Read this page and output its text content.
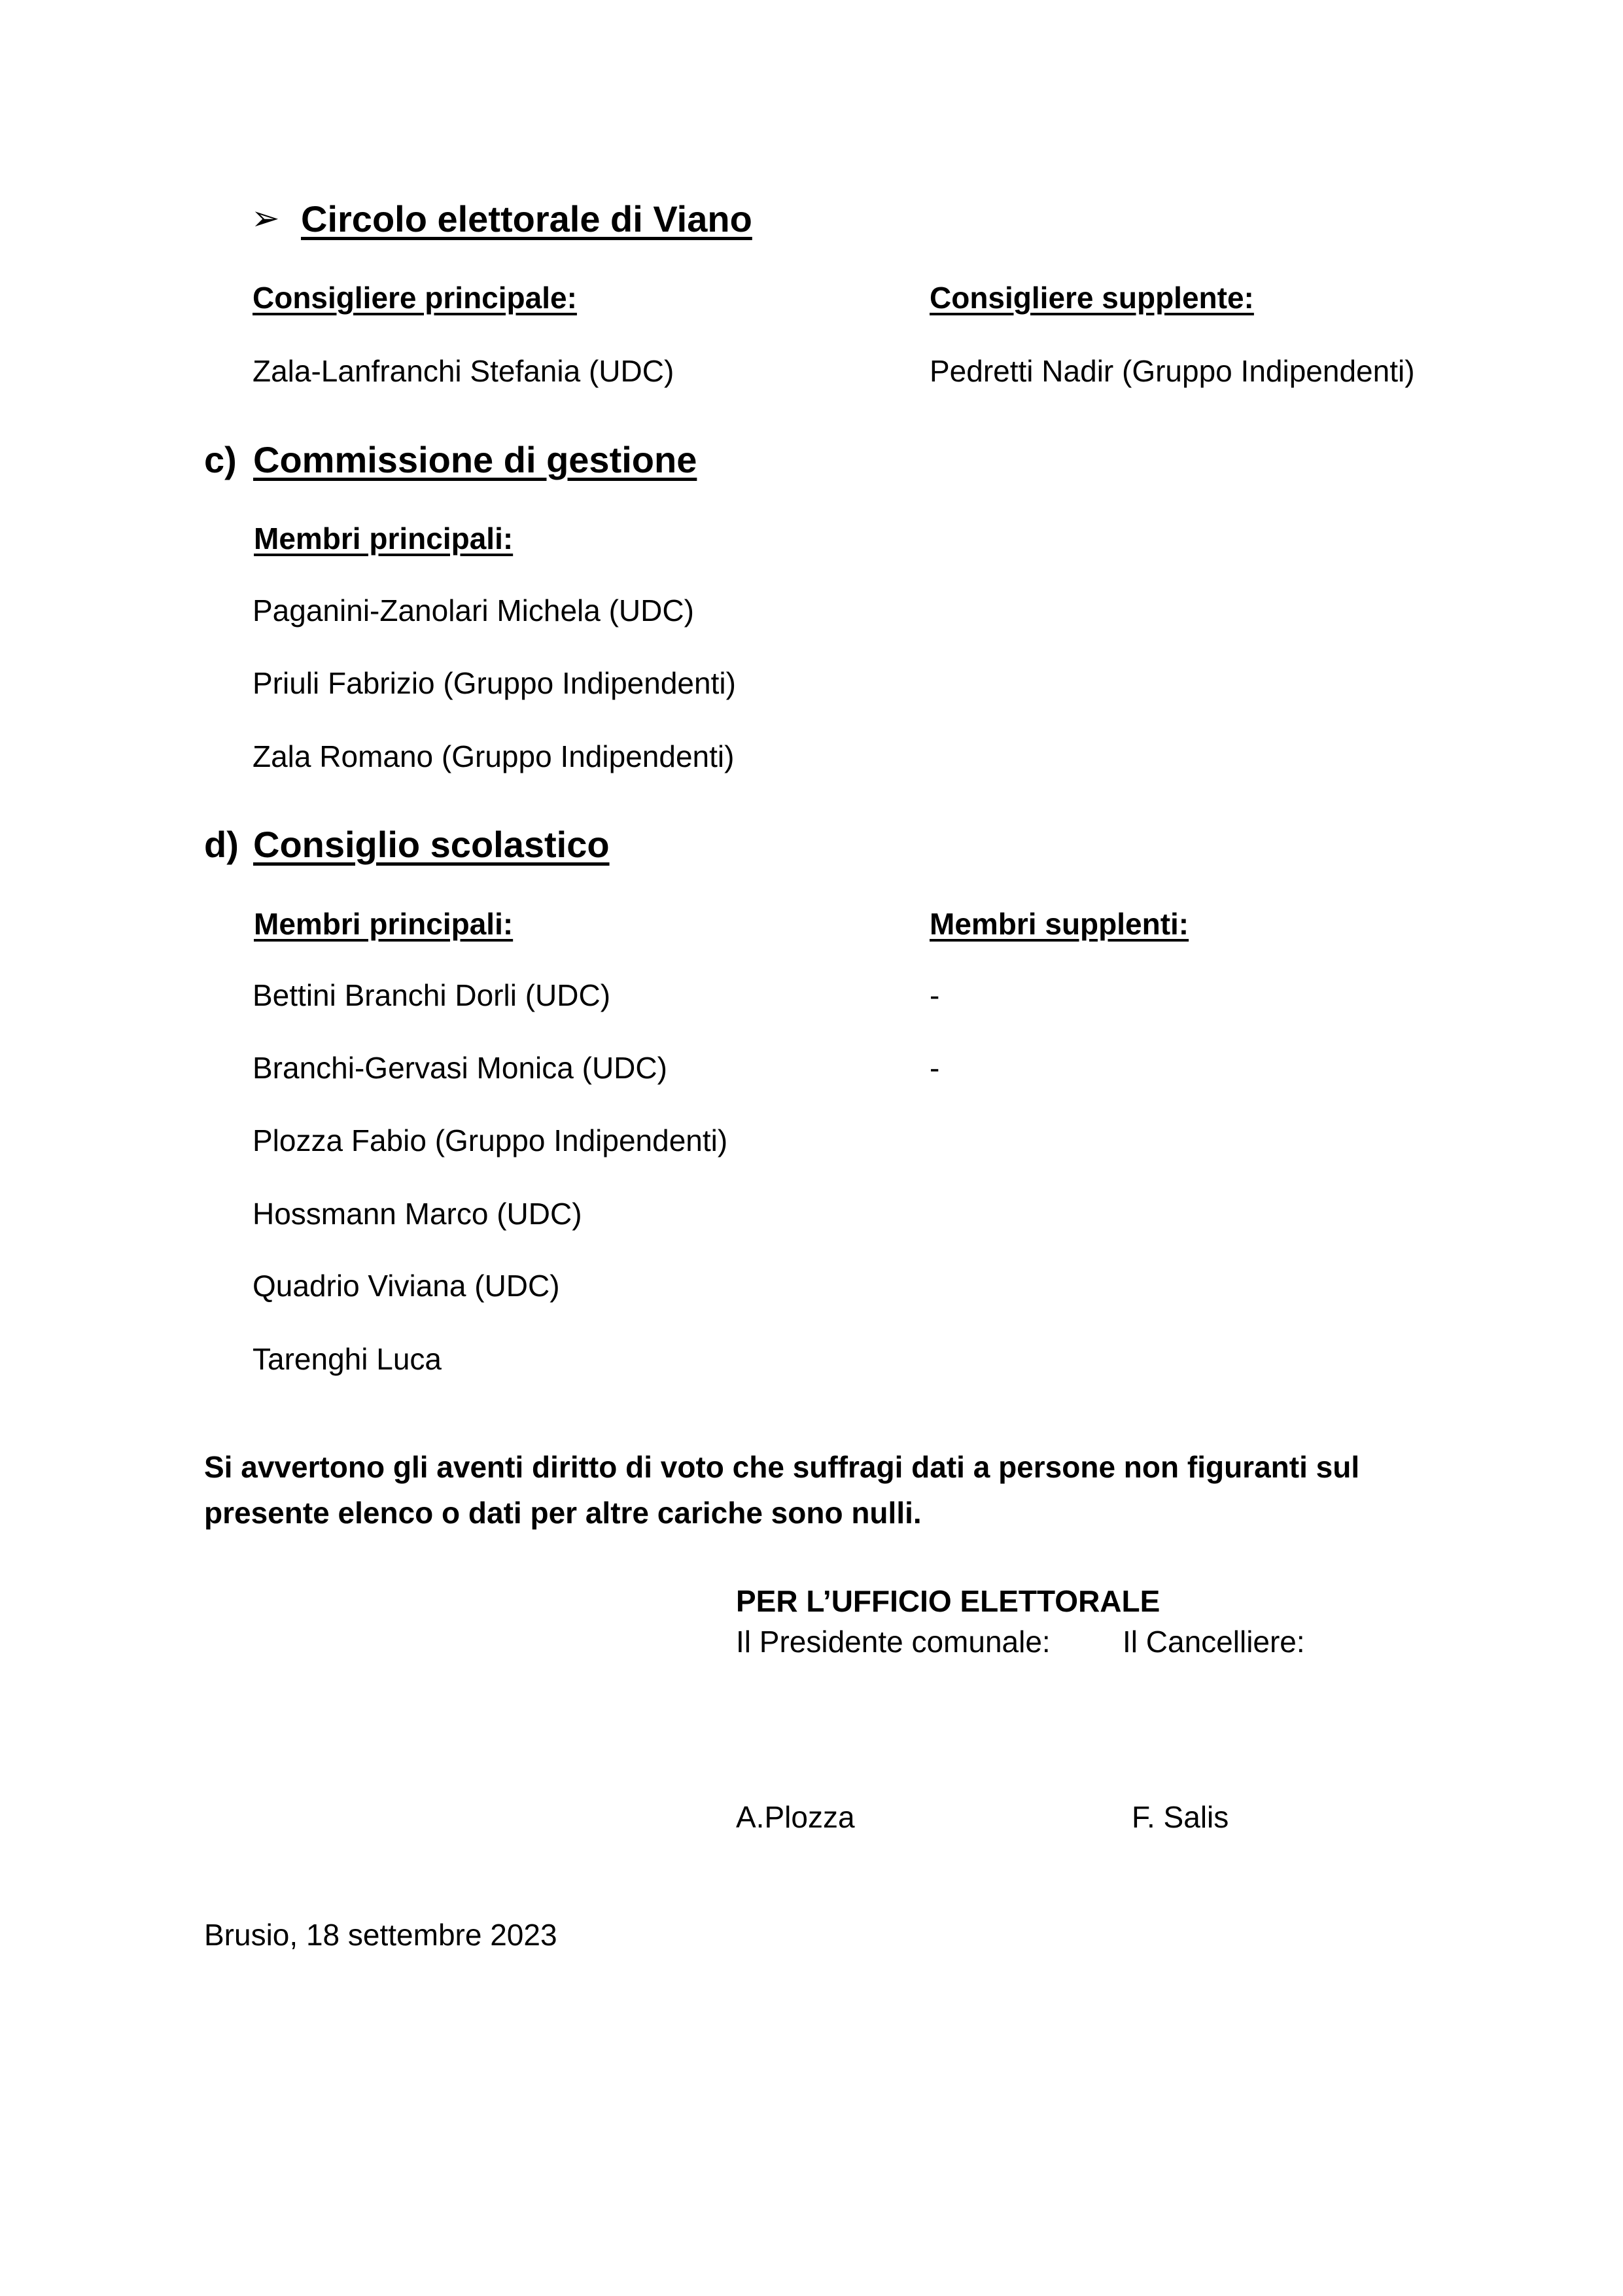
➢ Circolo elettorale di Viano
Consigliere principale:	Consigliere supplente:
Zala-Lanfranchi Stefania (UDC)	Pedretti Nadir (Gruppo Indipendenti)
c) Commissione di gestione
Membri principali:
Paganini-Zanolari Michela (UDC)
Priuli Fabrizio (Gruppo Indipendenti)
Zala Romano (Gruppo Indipendenti)
d) Consiglio scolastico
Membri principali:	Membri supplenti:
Bettini Branchi Dorli (UDC)	-
Branchi-Gervasi Monica (UDC)	-
Plozza Fabio (Gruppo Indipendenti)
Hossmann Marco (UDC)
Quadrio Viviana (UDC)
Tarenghi Luca
Si avvertono gli aventi diritto di voto che suffragi dati a persone non figuranti sul
presente elenco o dati per altre cariche sono nulli.
PER L’UFFICIO ELETTORALE
Il Presidente comunale: Il Cancelliere:
A.Plozza	F. Salis
Brusio, 18 settembre 2023
